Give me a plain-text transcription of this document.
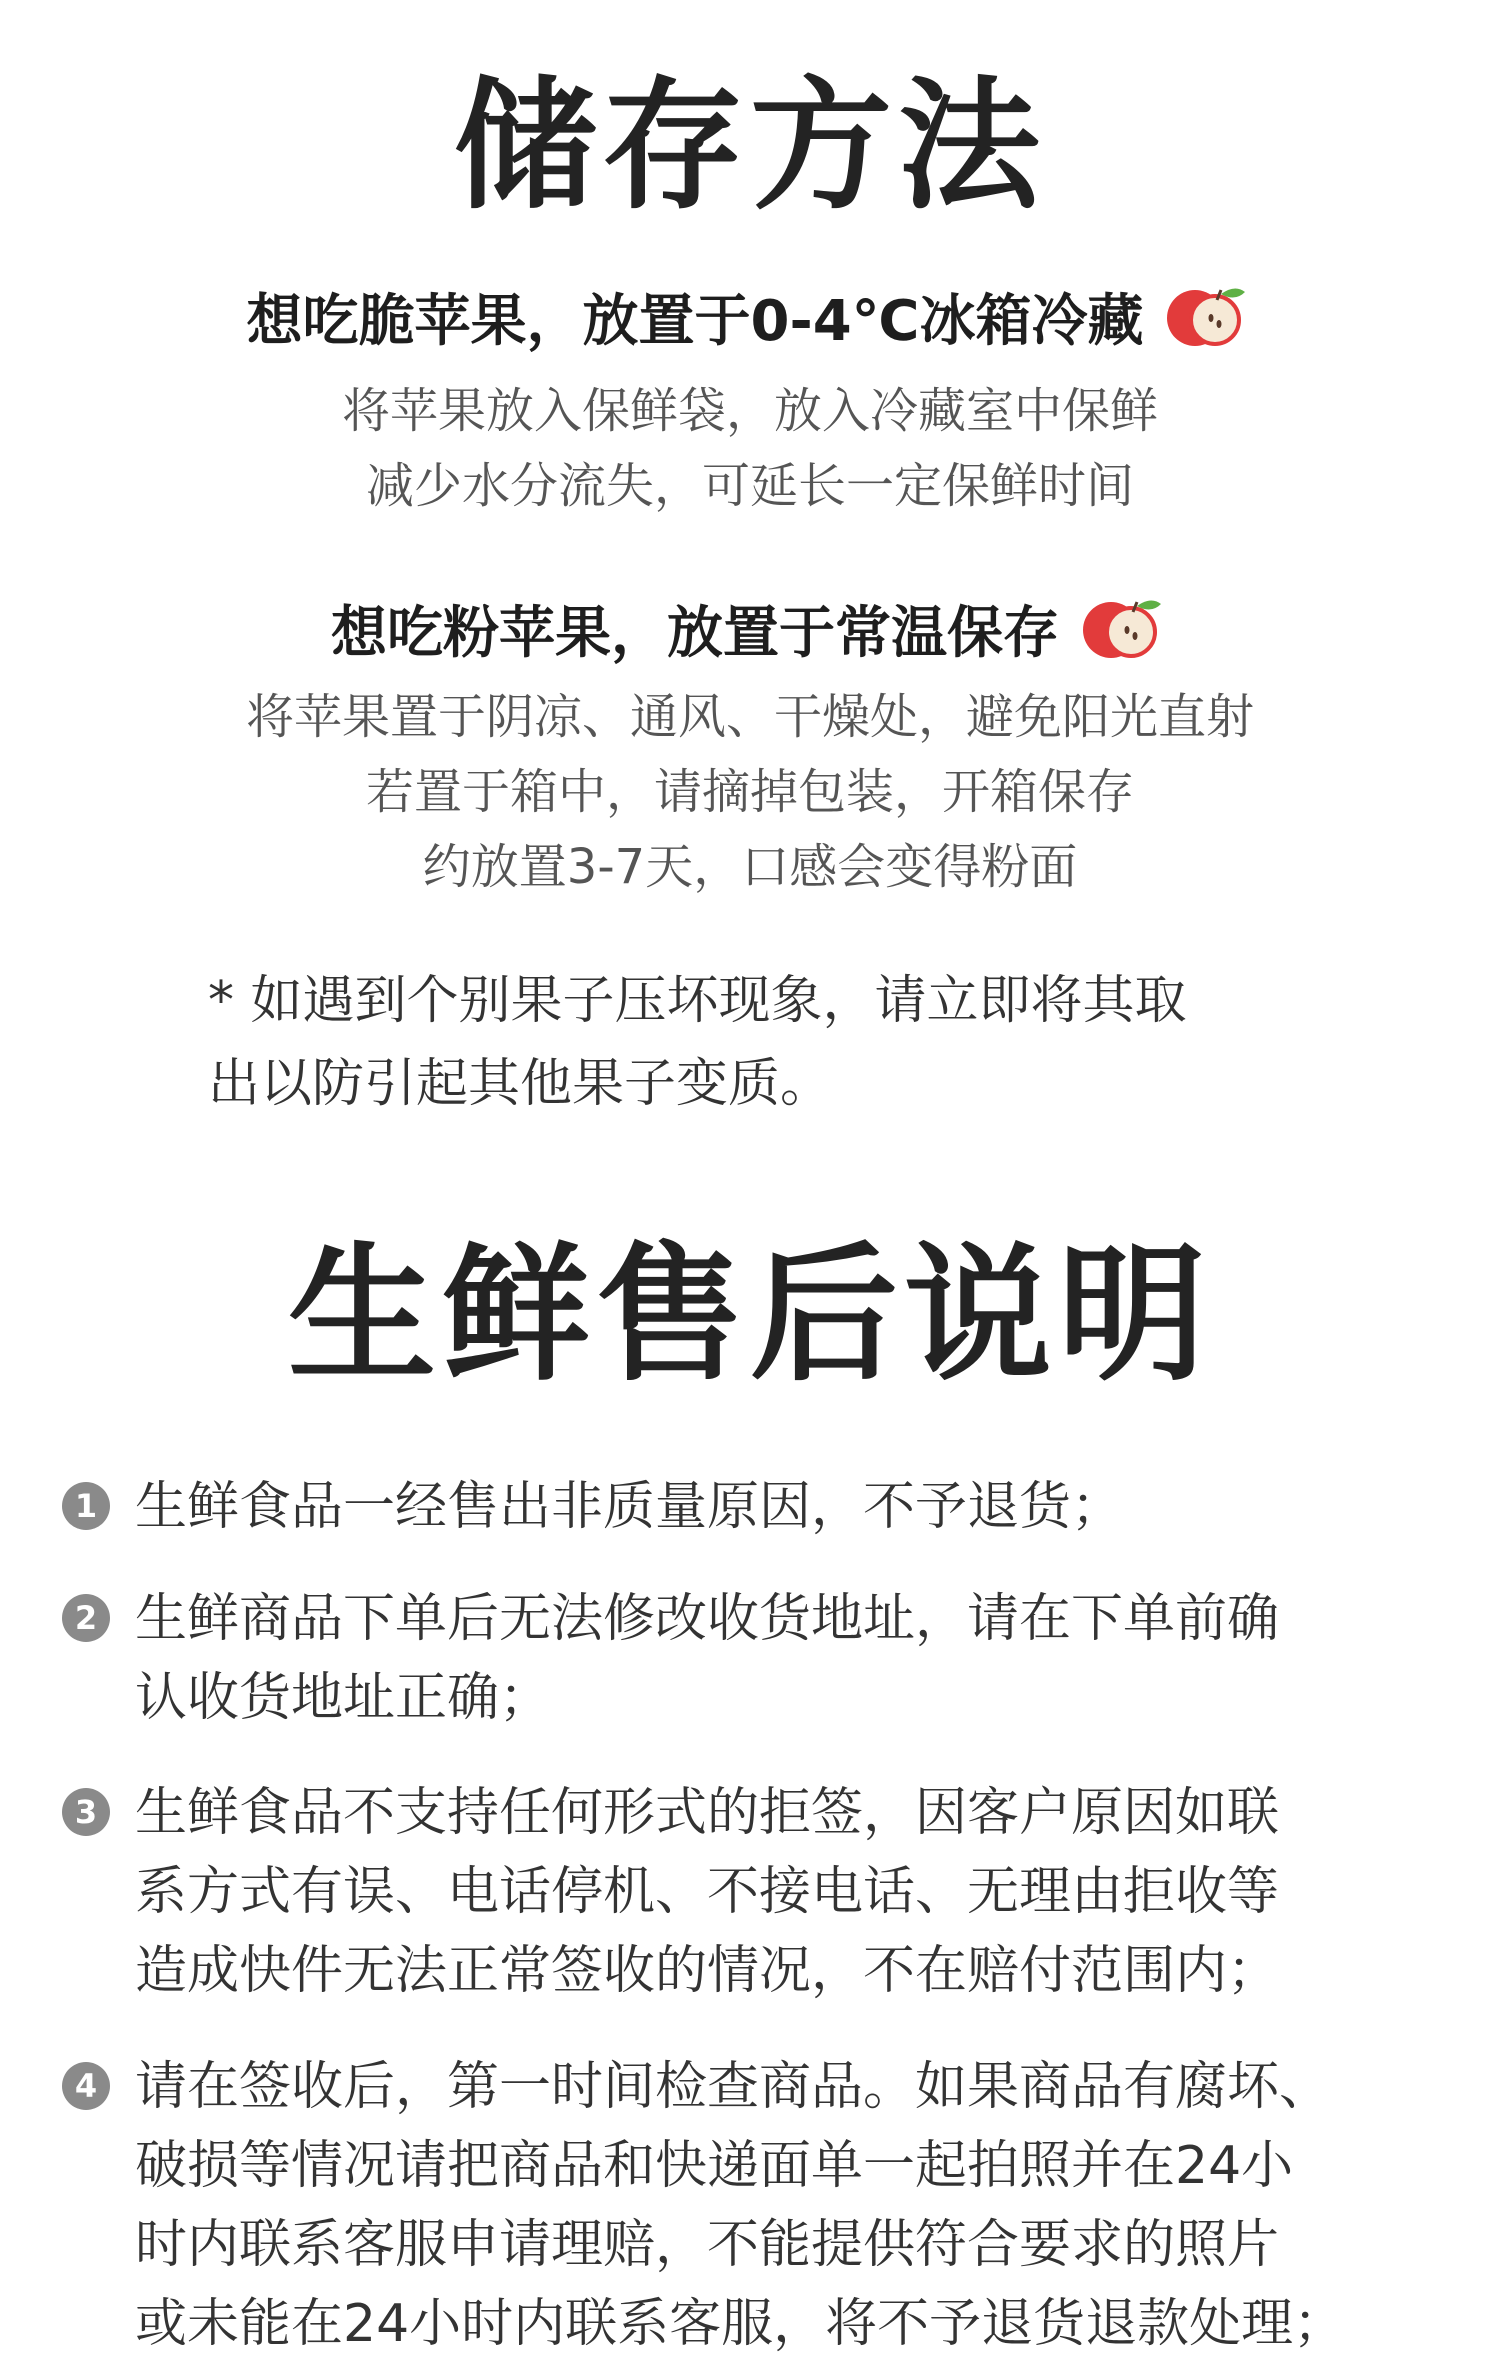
储存方法
想吃脆苹果，放置于0-4℃冰箱冷藏
将苹果放入保鲜袋，放入冷藏室中保鲜
减少水分流失，可延长一定保鲜时间
想吃粉苹果，放置于常温保存
将苹果置于阴凉、通风、干燥处，避免阳光直射
若置于箱中，请摘掉包装，开箱保存
约放置3-7天，口感会变得粉面

* 如遇到个别果子压坏现象，请立即将其取
出以防引起其他果子变质。

生鲜售后说明
1 生鲜食品一经售出非质量原因，不予退货；
2 生鲜商品下单后无法修改收货地址，请在下单前确
认收货地址正确；
3 生鲜食品不支持任何形式的拒签，因客户原因如联
系方式有误、电话停机、不接电话、无理由拒收等
造成快件无法正常签收的情况，不在赔付范围内；
4 请在签收后，第一时间检查商品。如果商品有腐坏、
破损等情况请把商品和快递面单一起拍照并在24小
时内联系客服申请理赔，不能提供符合要求的照片
或未能在24小时内联系客服，将不予退货退款处理；
